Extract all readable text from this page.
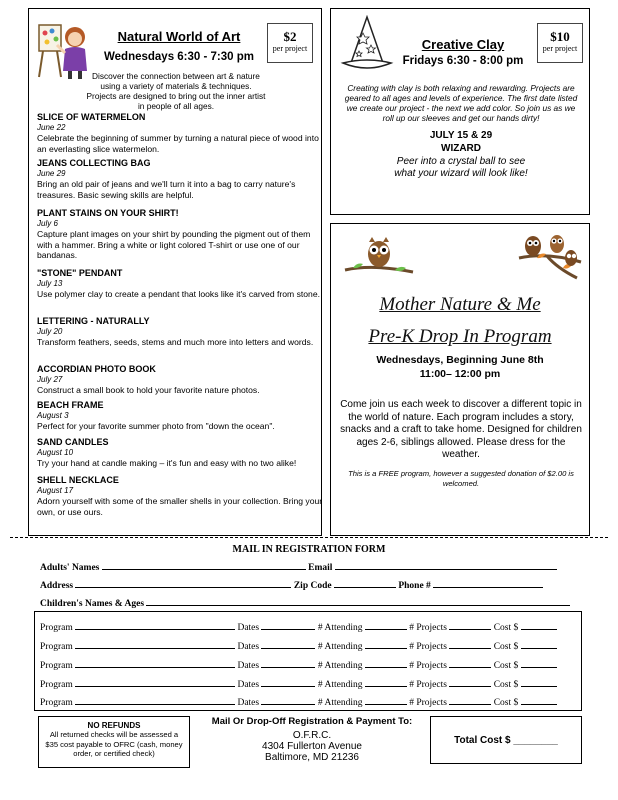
Natural World of Art
Wednesdays 6:30 - 7:30 pm
$2
per project
Discover the connection between art & nature using a variety of materials & techniques. Projects are designed to bring out the inner artist in people of all ages.
SLICE OF WATERMELON
June 22
Celebrate the beginning of summer by turning a natural piece of wood into an everlasting slice watermelon.
JEANS COLLECTING BAG
June 29
Bring an old pair of jeans and we'll turn it into a bag to carry nature's treasures. Basic sewing skills are helpful.
PLANT STAINS ON YOUR SHIRT!
July 6
Capture plant images on your shirt by pounding the pigment out of them with a hammer. Bring a white or light colored T-shirt or use one of our bandanas.
"STONE" PENDANT
July 13
Use polymer clay to create a pendant that looks like it's carved from stone.
LETTERING - NATURALLY
July 20
Transform feathers, seeds, stems and much more into letters and words.
ACCORDIAN PHOTO BOOK
July 27
Construct a small book to hold your favorite nature photos.
BEACH FRAME
August 3
Perfect for your favorite summer photo from "down the ocean".
SAND CANDLES
August 10
Try your hand at candle making – it's fun and easy with no two alike!
SHELL NECKLACE
August 17
Adorn yourself with some of the smaller shells in your collection. Bring your own, or use ours.
Creative Clay
Fridays 6:30 - 8:00 pm
$10
per project
Creating with clay is both relaxing and rewarding. Projects are geared to all ages and levels of experience. The first date listed we create our project - the next we add color. So join us as we roll up our sleeves and get our hands dirty!
JULY 15 & 29
WIZARD
Peer into a crystal ball to see what your wizard will look like!
Mother Nature & Me
Pre-K Drop In Program
Wednesdays, Beginning June 8th
11:00– 12:00 pm
Come join us each week to discover a different topic in the world of nature. Each program includes a story, snacks and a craft to take home. Designed for children ages 2-6, siblings allowed. Please dress for the weather.
This is a FREE program, however a suggested donation of $2.00 is welcomed.
MAIL IN REGISTRATION FORM
Adults' Names	Email
Address	Zip Code	Phone #
Children's Names & Ages
Program	Dates	# Attending	# Projects	Cost $
Program	Dates	# Attending	# Projects	Cost $
Program	Dates	# Attending	# Projects	Cost $
Program	Dates	# Attending	# Projects	Cost $
Program	Dates	# Attending	# Projects	Cost $
NO REFUNDS
All returned checks will be assessed a $35 cost payable to OFRC (cash, money order, or certified check)
Mail Or Drop-Off Registration & Payment To:
O.F.R.C.
4304 Fullerton Avenue
Baltimore, MD 21236
Total Cost $ ________
